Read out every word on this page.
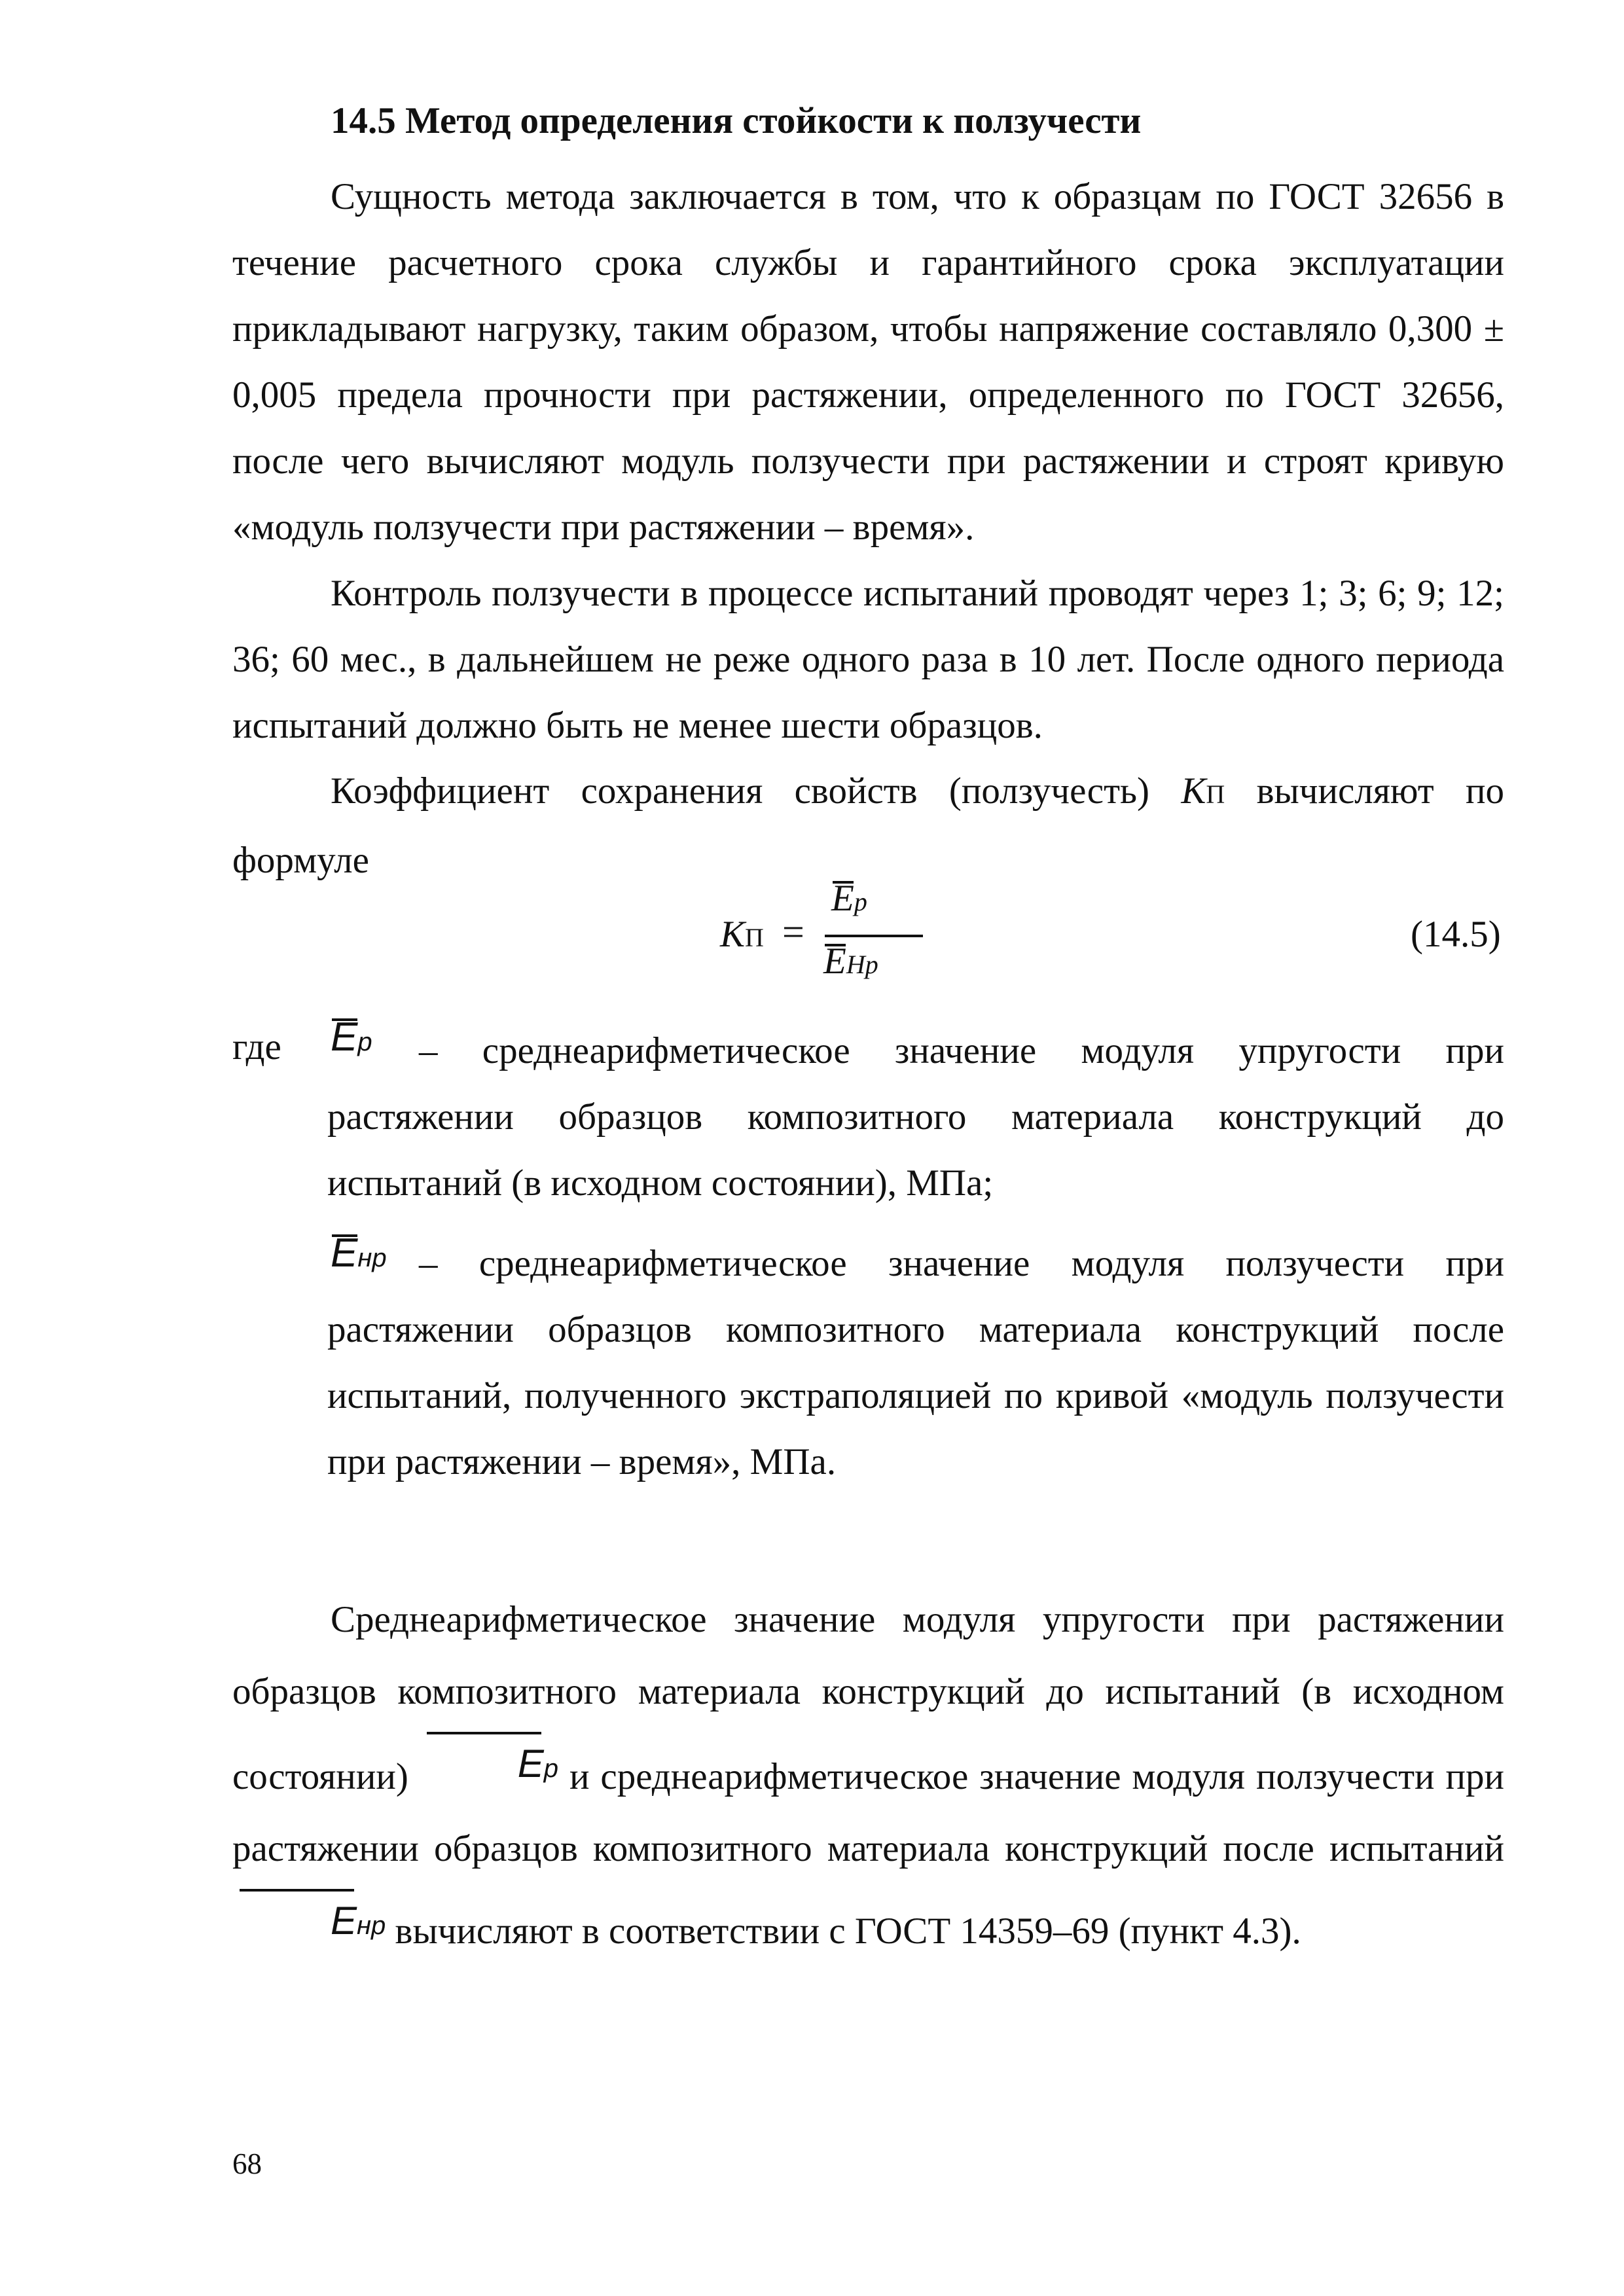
14.5 Метод определения стойкости к ползучести

Сущность метода заключается в том, что к образцам по ГОСТ 32656 в течение расчетного срока службы и гарантийного срока эксплуатации прикладывают нагрузку, таким образом, чтобы напряжение составляло 0,300 ± 0,005 предела прочности при растяжении, определенного по ГОСТ 32656, после чего вычисляют модуль ползучести при растяжении и строят кривую «модуль ползучести при растяжении – время».

Контроль ползучести в процессе испытаний проводят через 1; 3; 6; 9; 12; 36; 60 мес., в дальнейшем не реже одного раза в 10 лет. После одного периода испытаний должно быть не менее шести образцов.

Коэффициент сохранения свойств (ползучесть) KП вычисляют по формуле

KП =
Ep
EHp
(14.5)
где Ep	– среднеарифметическое значение модуля упругости при растяжении образцов композитного материала конструкций до испытаний (в исходном состоянии), МПа;

Eнр – среднеарифметическое значение модуля ползучести при растяжении образцов композитного материала конструкций после испытаний, полученного экстраполяцией по кривой «модуль ползучести при растяжении – время», МПа.

Среднеарифметическое значение модуля упругости при растяжении образцов композитного материала конструкций до испытаний (в исходном состоянии)	Ep и среднеарифметическое значение модуля ползучести при растяжении образцов композитного материала конструкций после испытаний Eнр вычисляют в соответствии с ГОСТ 14359–69 (пункт 4.3).

68
